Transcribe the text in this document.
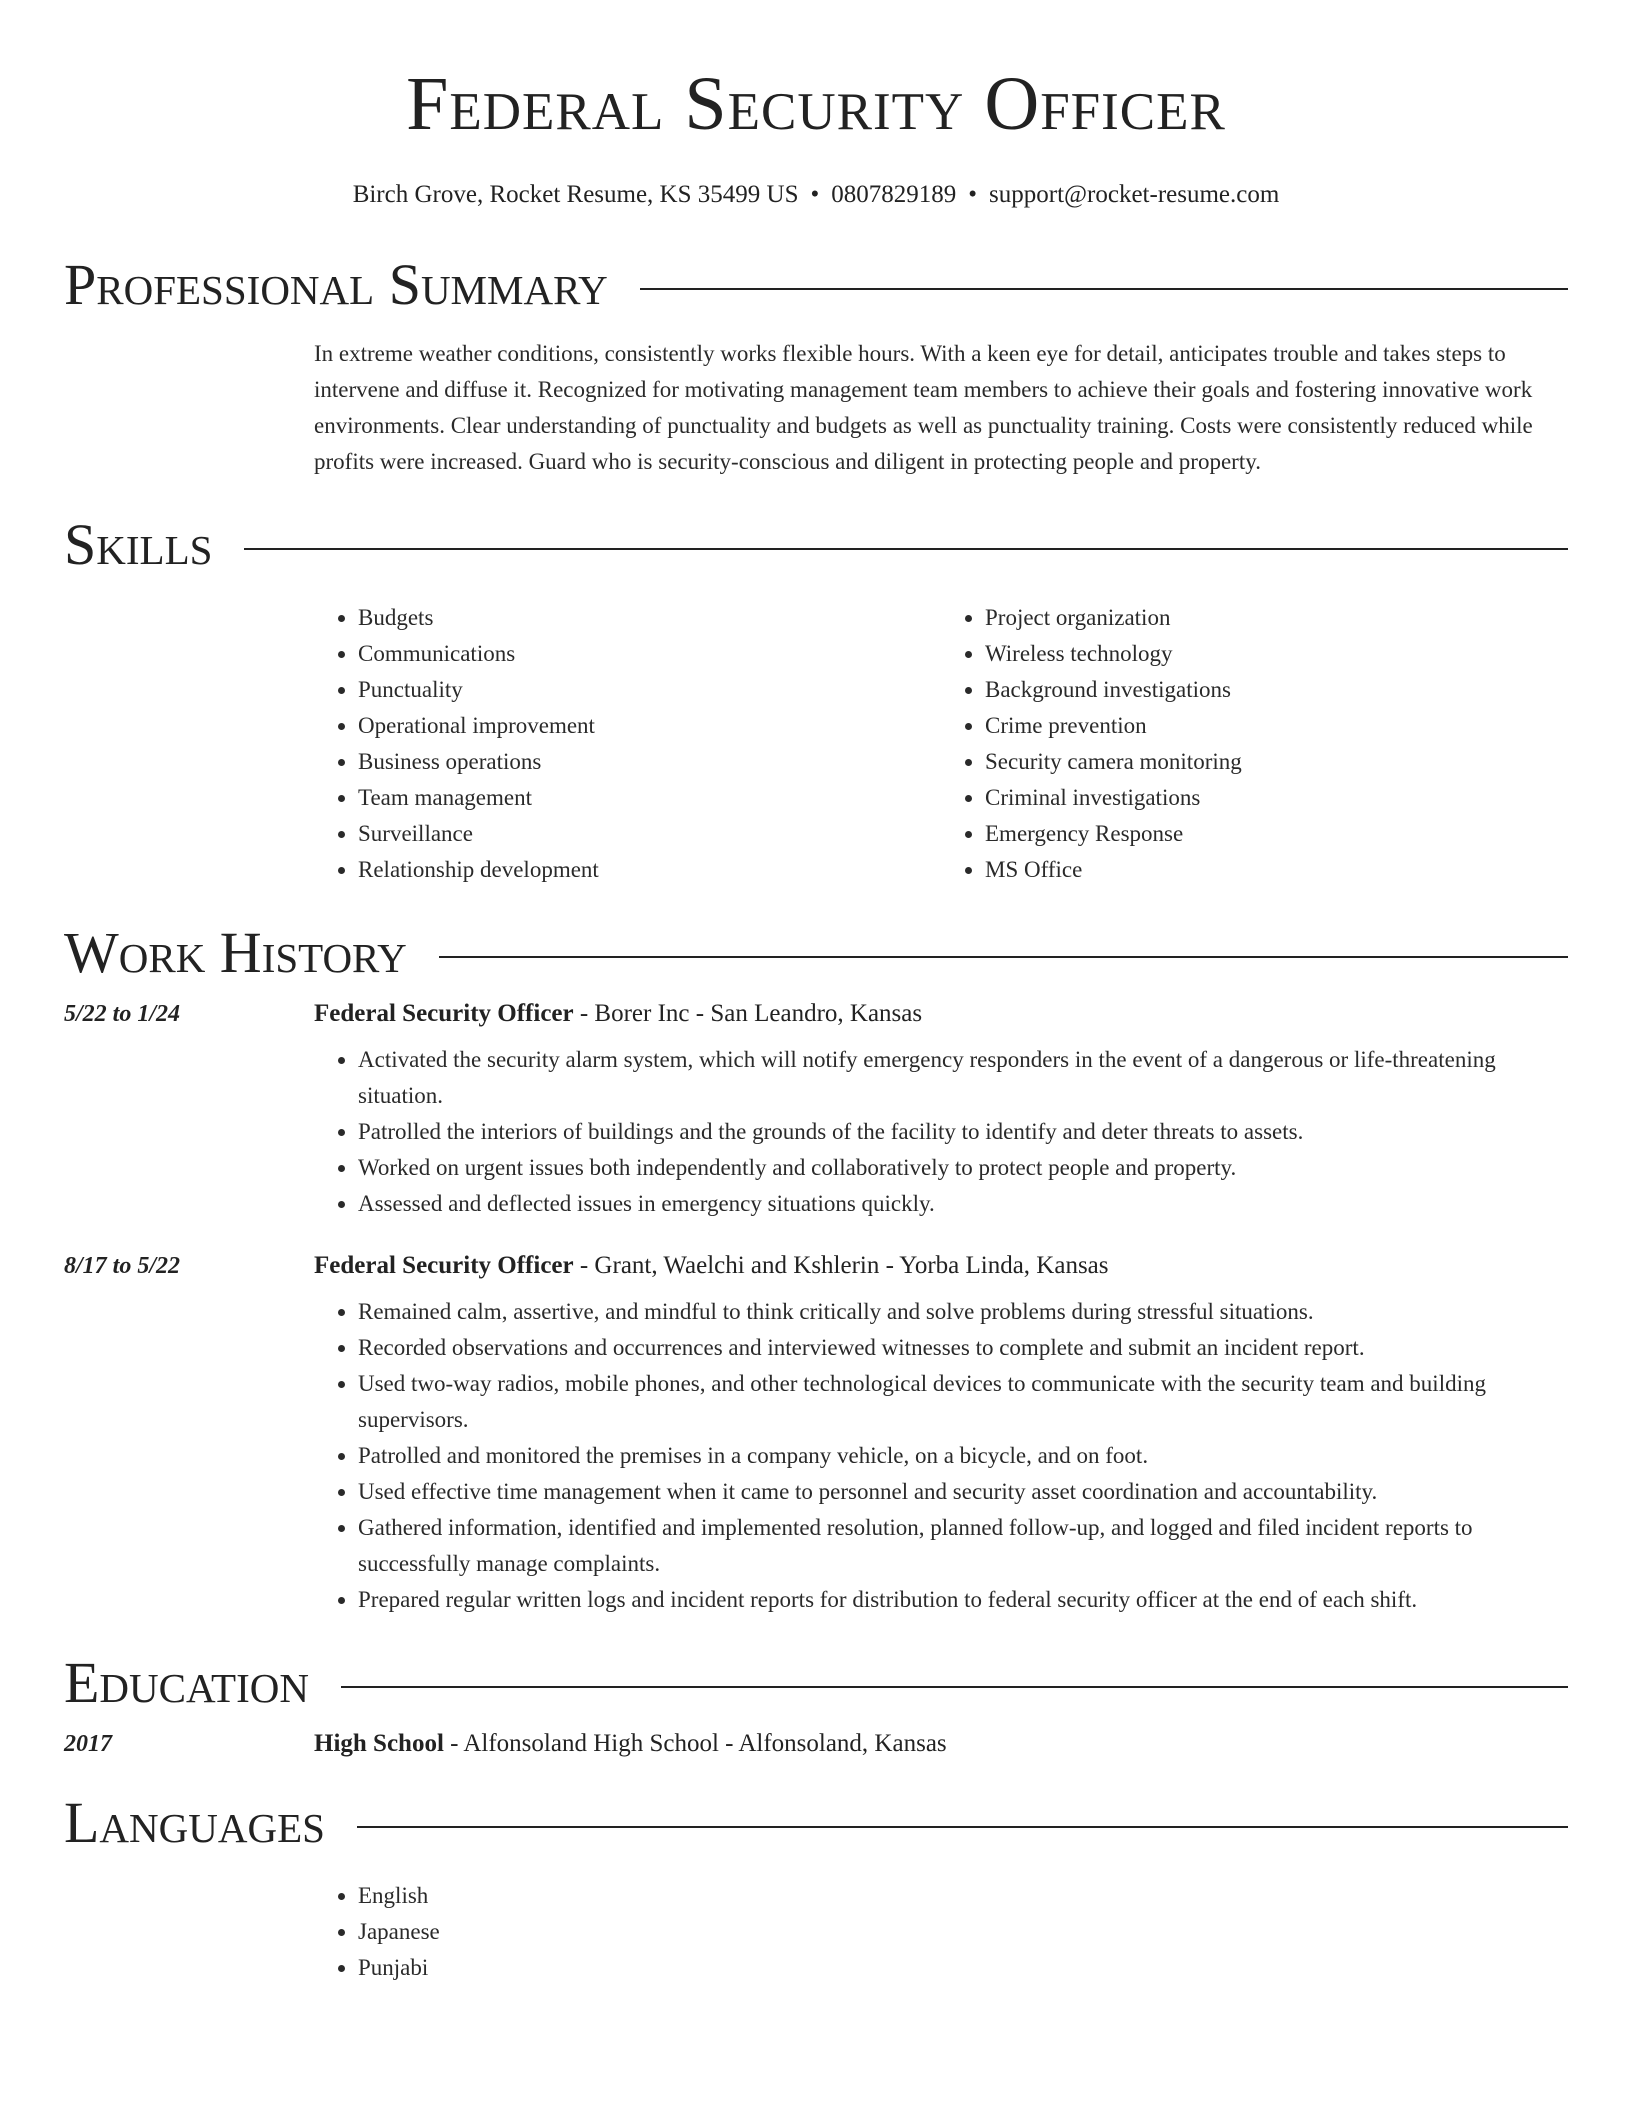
Federal Security Officer
Birch Grove, Rocket Resume, KS 35499 US • 0807829189 • support@rocket-resume.com
Professional Summary
In extreme weather conditions, consistently works flexible hours. With a keen eye for detail, anticipates trouble and takes steps to intervene and diffuse it. Recognized for motivating management team members to achieve their goals and fostering innovative work environments. Clear understanding of punctuality and budgets as well as punctuality training. Costs were consistently reduced while profits were increased. Guard who is security-conscious and diligent in protecting people and property.
Skills
• Budgets
• Communications
• Punctuality
• Operational improvement
• Business operations
• Team management
• Surveillance
• Relationship development
• Project organization
• Wireless technology
• Background investigations
• Crime prevention
• Security camera monitoring
• Criminal investigations
• Emergency Response
• MS Office
Work History
5/22 to 1/24	Federal Security Officer - Borer Inc - San Leandro, Kansas
• Activated the security alarm system, which will notify emergency responders in the event of a dangerous or life-threatening situation.
• Patrolled the interiors of buildings and the grounds of the facility to identify and deter threats to assets.
• Worked on urgent issues both independently and collaboratively to protect people and property.
• Assessed and deflected issues in emergency situations quickly.
8/17 to 5/22	Federal Security Officer - Grant, Waelchi and Kshlerin - Yorba Linda, Kansas
• Remained calm, assertive, and mindful to think critically and solve problems during stressful situations.
• Recorded observations and occurrences and interviewed witnesses to complete and submit an incident report.
• Used two-way radios, mobile phones, and other technological devices to communicate with the security team and building supervisors.
• Patrolled and monitored the premises in a company vehicle, on a bicycle, and on foot.
• Used effective time management when it came to personnel and security asset coordination and accountability.
• Gathered information, identified and implemented resolution, planned follow-up, and logged and filed incident reports to successfully manage complaints.
• Prepared regular written logs and incident reports for distribution to federal security officer at the end of each shift.
Education
2017	High School - Alfonsoland High School - Alfonsoland, Kansas
Languages
• English
• Japanese
• Punjabi
